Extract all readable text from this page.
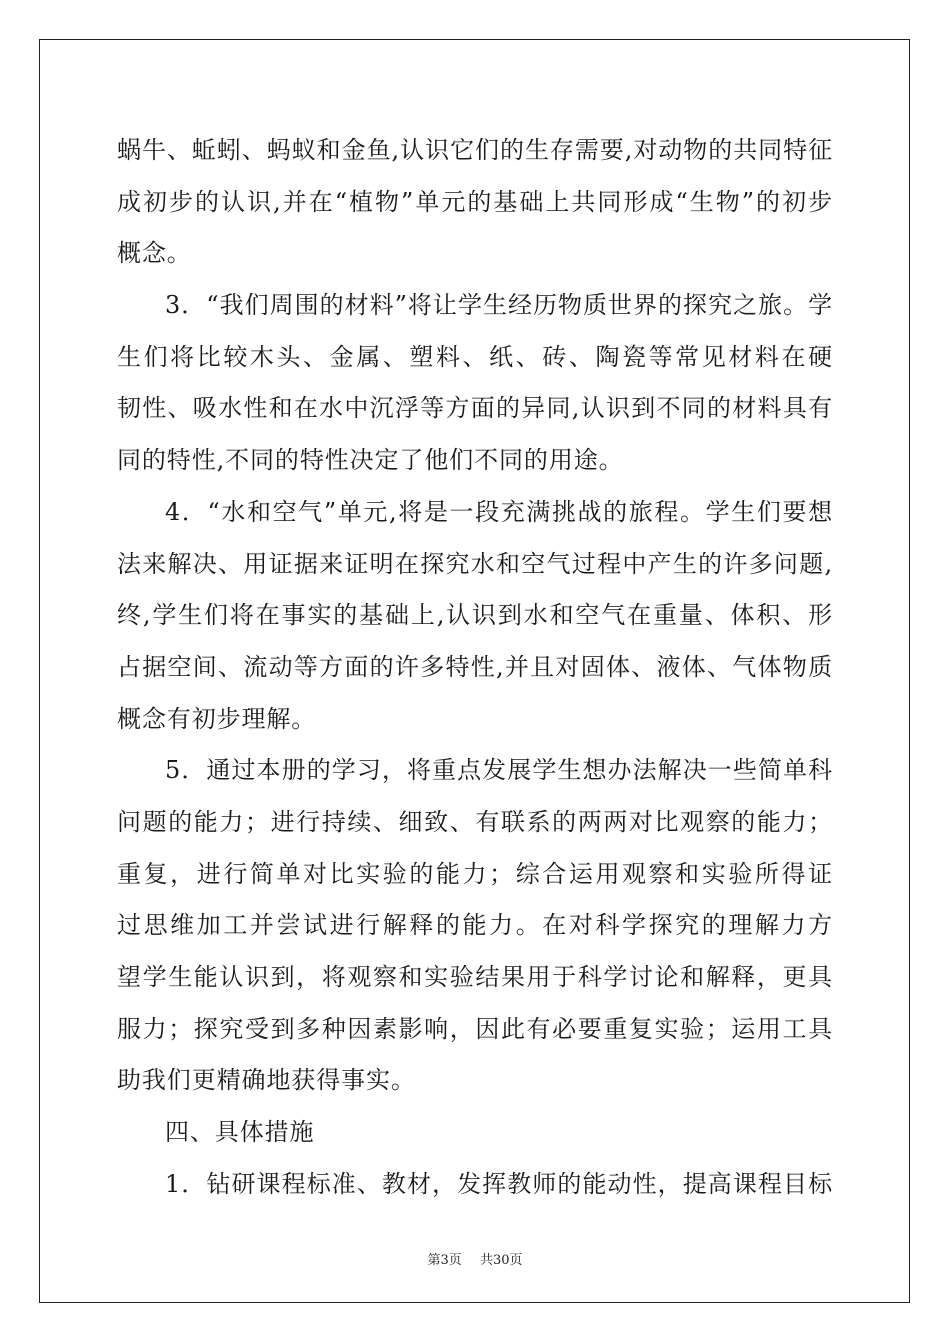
蜗牛、蚯蚓、蚂蚁和金鱼,认识它们的生存需要,对动物的共同特征
成初步的认识,并在“植物”单元的基础上共同形成“生物”的初步
概念。
3．“我们周围的材料”将让学生经历物质世界的探究之旅。学
生们将比较木头、金属、塑料、纸、砖、陶瓷等常见材料在硬
韧性、吸水性和在水中沉浮等方面的异同,认识到不同的材料具有
同的特性,不同的特性决定了他们不同的用途。
4．“水和空气”单元,将是一段充满挑战的旅程。学生们要想
法来解决、用证据来证明在探究水和空气过程中产生的许多问题,
终,学生们将在事实的基础上,认识到水和空气在重量、体积、形
占据空间、流动等方面的许多特性,并且对固体、液体、气体物质
概念有初步理解。
5．通过本册的学习，将重点发展学生想办法解决一些简单科
问题的能力；进行持续、细致、有联系的两两对比观察的能力；
重复，进行简单对比实验的能力；综合运用观察和实验所得证
过思维加工并尝试进行解释的能力。在对科学探究的理解力方
望学生能认识到，将观察和实验结果用于科学讨论和解释，更具
服力；探究受到多种因素影响，因此有必要重复实验；运用工具
助我们更精确地获得事实。
四、具体措施
1．钻研课程标准、教材，发挥教师的能动性，提高课程目标
第3页 共30页
